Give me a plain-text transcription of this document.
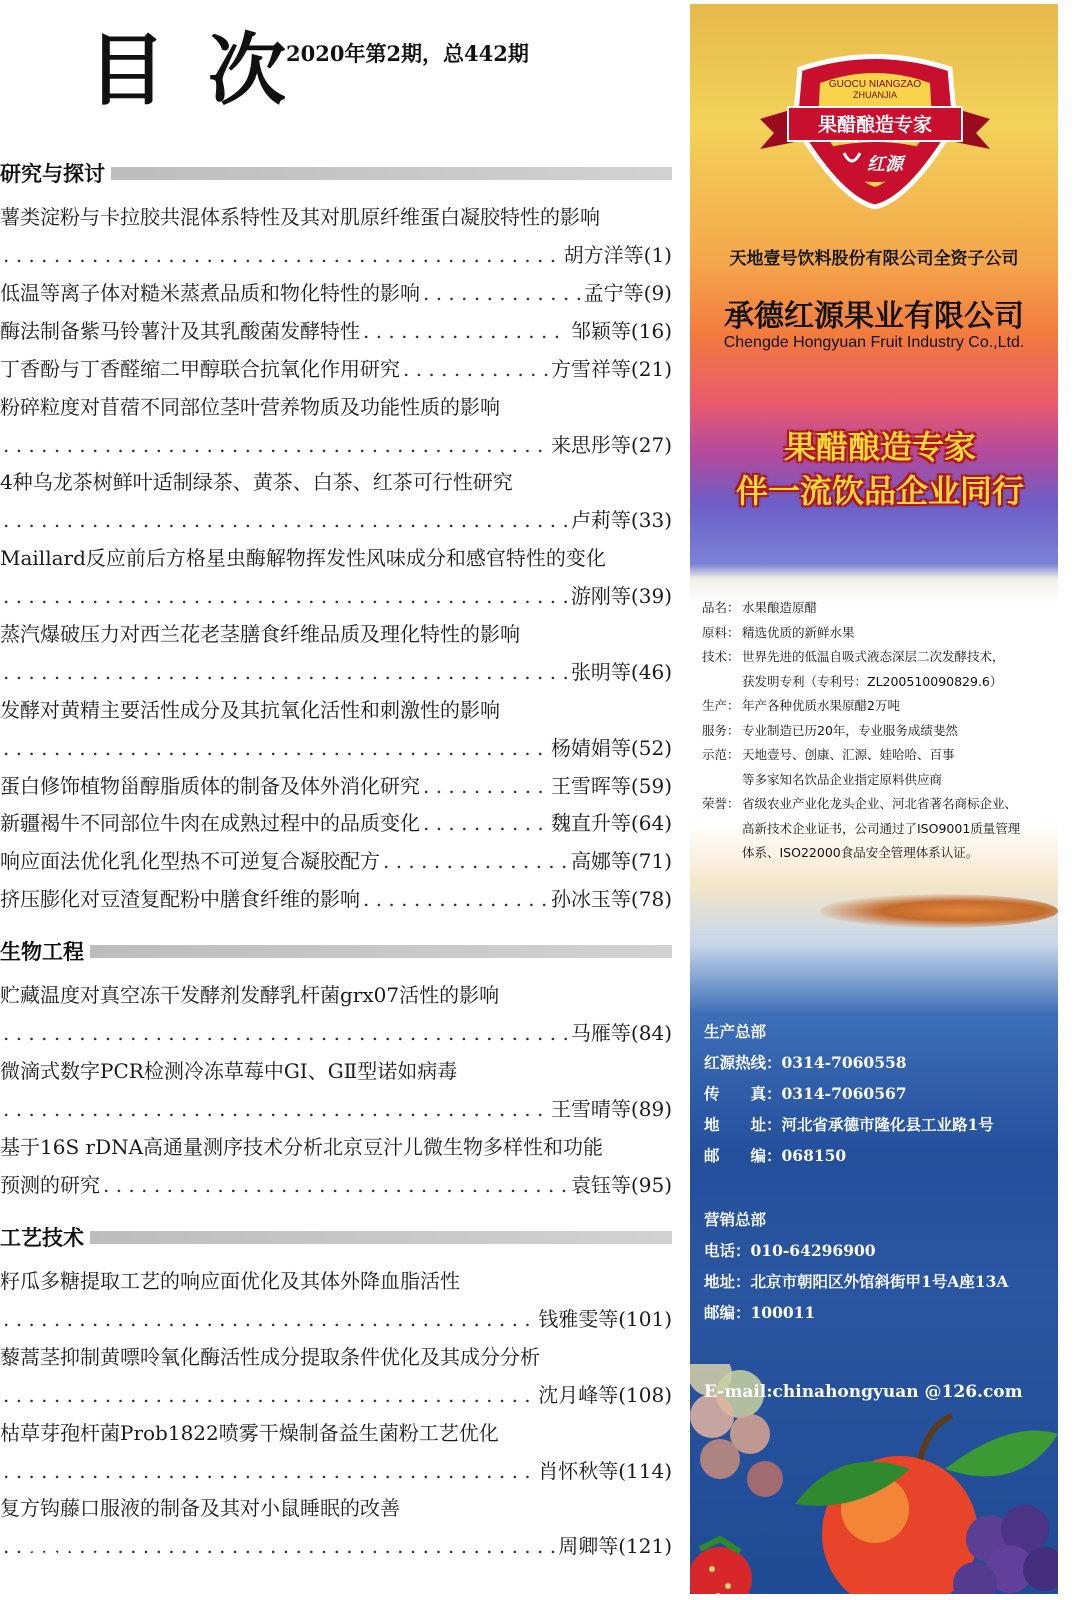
目 次
2020年第2期，总442期
研究与探讨
薯类淀粉与卡拉胶共混体系特性及其对肌原纤维蛋白凝胶特性的影响
. . .
胡方洋等(1)
低温等离子体对糙米蒸煮品质和物化特性的影响 . . .	孟宁等(9)
酶法制备紫马铃薯汁及其乳酸菌发酵特性 . . .	邹颖等(16)
丁香酚与丁香醛缩二甲醇联合抗氧化作用研究 . . .	方雪祥等(21)
粉碎粒度对苜蓿不同部位茎叶营养物质及功能性质的影响
. . .
来思彤等(27)
4种乌龙茶树鲜叶适制绿茶、黄茶、白茶、红茶可行性研究
. . .
卢莉等(33)
Maillard反应前后方格星虫酶解物挥发性风味成分和感官特性的变化
. . .
游刚等(39)
蒸汽爆破压力对西兰花老茎膳食纤维品质及理化特性的影响
. . .
张明等(46)
发酵对黄精主要活性成分及其抗氧化活性和刺激性的影响
. . .
杨婧娟等(52)
蛋白修饰植物甾醇脂质体的制备及体外消化研究 . . .	王雪晖等(59)
新疆褐牛不同部位牛肉在成熟过程中的品质变化 . . .	魏直升等(64)
响应面法优化乳化型热不可逆复合凝胶配方 . . .	高娜等(71)
挤压膨化对豆渣复配粉中膳食纤维的影响 . . .	孙冰玉等(78)
生物工程
贮藏温度对真空冻干发酵剂发酵乳杆菌grx07活性的影响
. . .
马雁等(84)
微滴式数字PCR检测冷冻草莓中GⅠ、GⅡ型诺如病毒
. . .
王雪晴等(89)
基于16S rDNA高通量测序技术分析北京豆汁儿微生物多样性和功能
预测的研究 . . .	袁钰等(95)
工艺技术
籽瓜多糖提取工艺的响应面优化及其体外降血脂活性
. . .
钱雅雯等(101)
藜蒿茎抑制黄嘌呤氧化酶活性成分提取条件优化及其成分分析
. . .
沈月峰等(108)
枯草芽孢杆菌Prob1822喷雾干燥制备益生菌粉工艺优化
. . .
肖怀秋等(114)
复方钩藤口服液的制备及其对小鼠睡眠的改善
. . .
周卿等(121)
GUOCU NIANGZAO
ZHUANJIA
果醋酿造专家
红源
天地壹号饮料股份有限公司全资子公司
承德红源果业有限公司
Chengde Hongyuan Fruit Industry Co.,Ltd.
果醋酿造专家
伴一流饮品企业同行
品名： 水果酿造原醋
原料： 精选优质的新鲜水果
技术： 世界先进的低温自吸式液态深层二次发酵技术，
获发明专利（专利号：ZL200510090829.6）
生产： 年产各种优质水果原醋2万吨
服务： 专业制造已历20年，专业服务成绩斐然
示范： 天地壹号、创康、汇源、娃哈哈、百事
等多家知名饮品企业指定原料供应商
荣誉： 省级农业产业化龙头企业、河北省著名商标企业、
高新技术企业证书，公司通过了ISO9001质量管理
体系、ISO22000食品安全管理体系认证。
生产总部
红源热线：0314-7060558
传　　真：0314-7060567
地　　址：河北省承德市隆化县工业路1号
邮　　编：068150
营销总部
电话：010-64296900
地址：北京市朝阳区外馆斜街甲1号A座13A
邮编：100011
E-mail:chinahongyuan @126.com
大数跨境
